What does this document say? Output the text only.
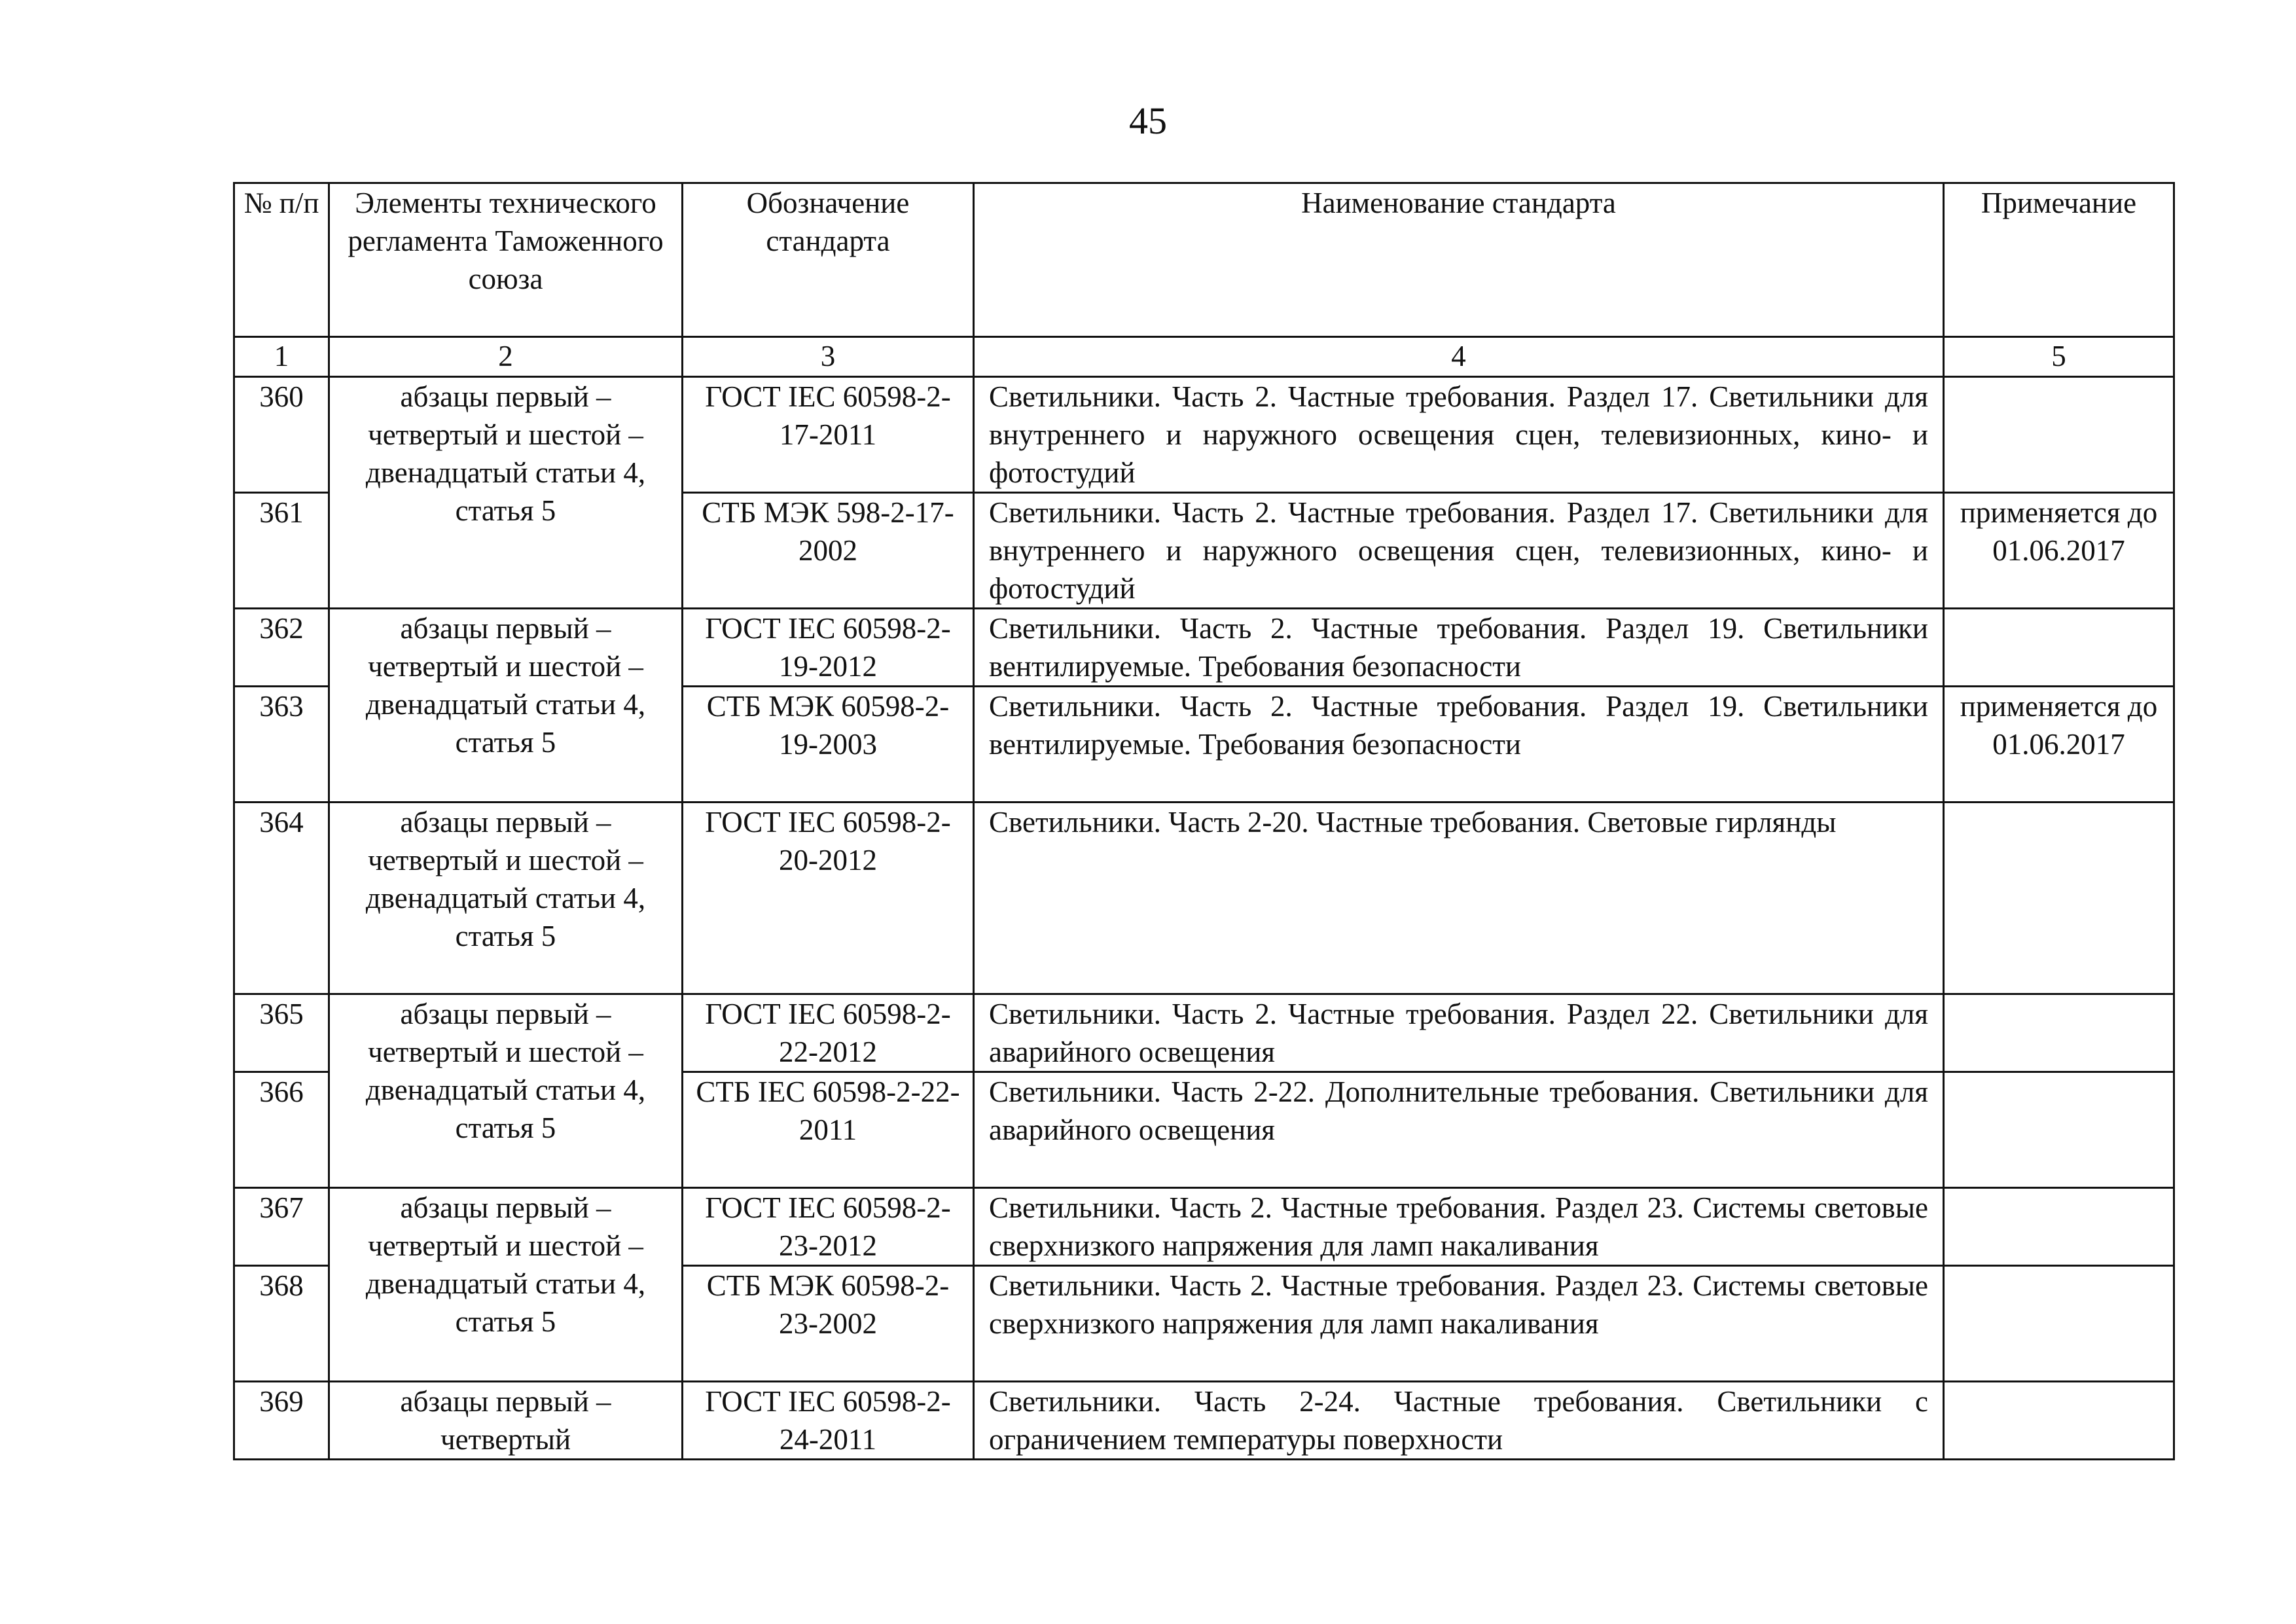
45
№ п/п	Элементы технического регламента Таможенного союза	Обозначение стандарта	Наименование стандарта	Примечание
1	2	3	4	5
360	абзацы первый – четвертый и шестой – двенадцатый статьи 4, статья 5	ГОСТ IEC 60598-2-17-2011	Светильники. Часть 2. Частные требования. Раздел 17. Светильники для внутреннего и наружного освещения сцен, телевизионных, кино- и фотостудий	
361		СТБ МЭК 598-2-17-2002	Светильники. Часть 2. Частные требования. Раздел 17. Светильники для внутреннего и наружного освещения сцен, телевизионных, кино- и фотостудий	применяется до 01.06.2017
362	абзацы первый – четвертый и шестой – двенадцатый статьи 4, статья 5	ГОСТ IEC 60598-2-19-2012	Светильники. Часть 2. Частные требования. Раздел 19. Светильники вентилируемые. Требования безопасности	
363		СТБ МЭК 60598-2-19-2003	Светильники. Часть 2. Частные требования. Раздел 19. Светильники вентилируемые. Требования безопасности	применяется до 01.06.2017
364	абзацы первый – четвертый и шестой – двенадцатый статьи 4, статья 5	ГОСТ IEC 60598-2-20-2012	Светильники. Часть 2-20. Частные требования. Световые гирлянды	
365	абзацы первый – четвертый и шестой – двенадцатый статьи 4, статья 5	ГОСТ IEC 60598-2-22-2012	Светильники. Часть 2. Частные требования. Раздел 22. Светильники для аварийного освещения	
366		СТБ IEC 60598-2-22-2011	Светильники. Часть 2-22. Дополнительные требования. Светильники для аварийного освещения	
367	абзацы первый – четвертый и шестой – двенадцатый статьи 4, статья 5	ГОСТ IEC 60598-2-23-2012	Светильники. Часть 2. Частные требования. Раздел 23. Системы световые сверхнизкого напряжения для ламп накаливания	
368		СТБ МЭК 60598-2-23-2002	Светильники. Часть 2. Частные требования. Раздел 23. Системы световые сверхнизкого напряжения для ламп накаливания	
369	абзацы первый – четвертый	ГОСТ IEC 60598-2-24-2011	Светильники. Часть 2-24. Частные требования. Светильники с ограничением температуры поверхности	
